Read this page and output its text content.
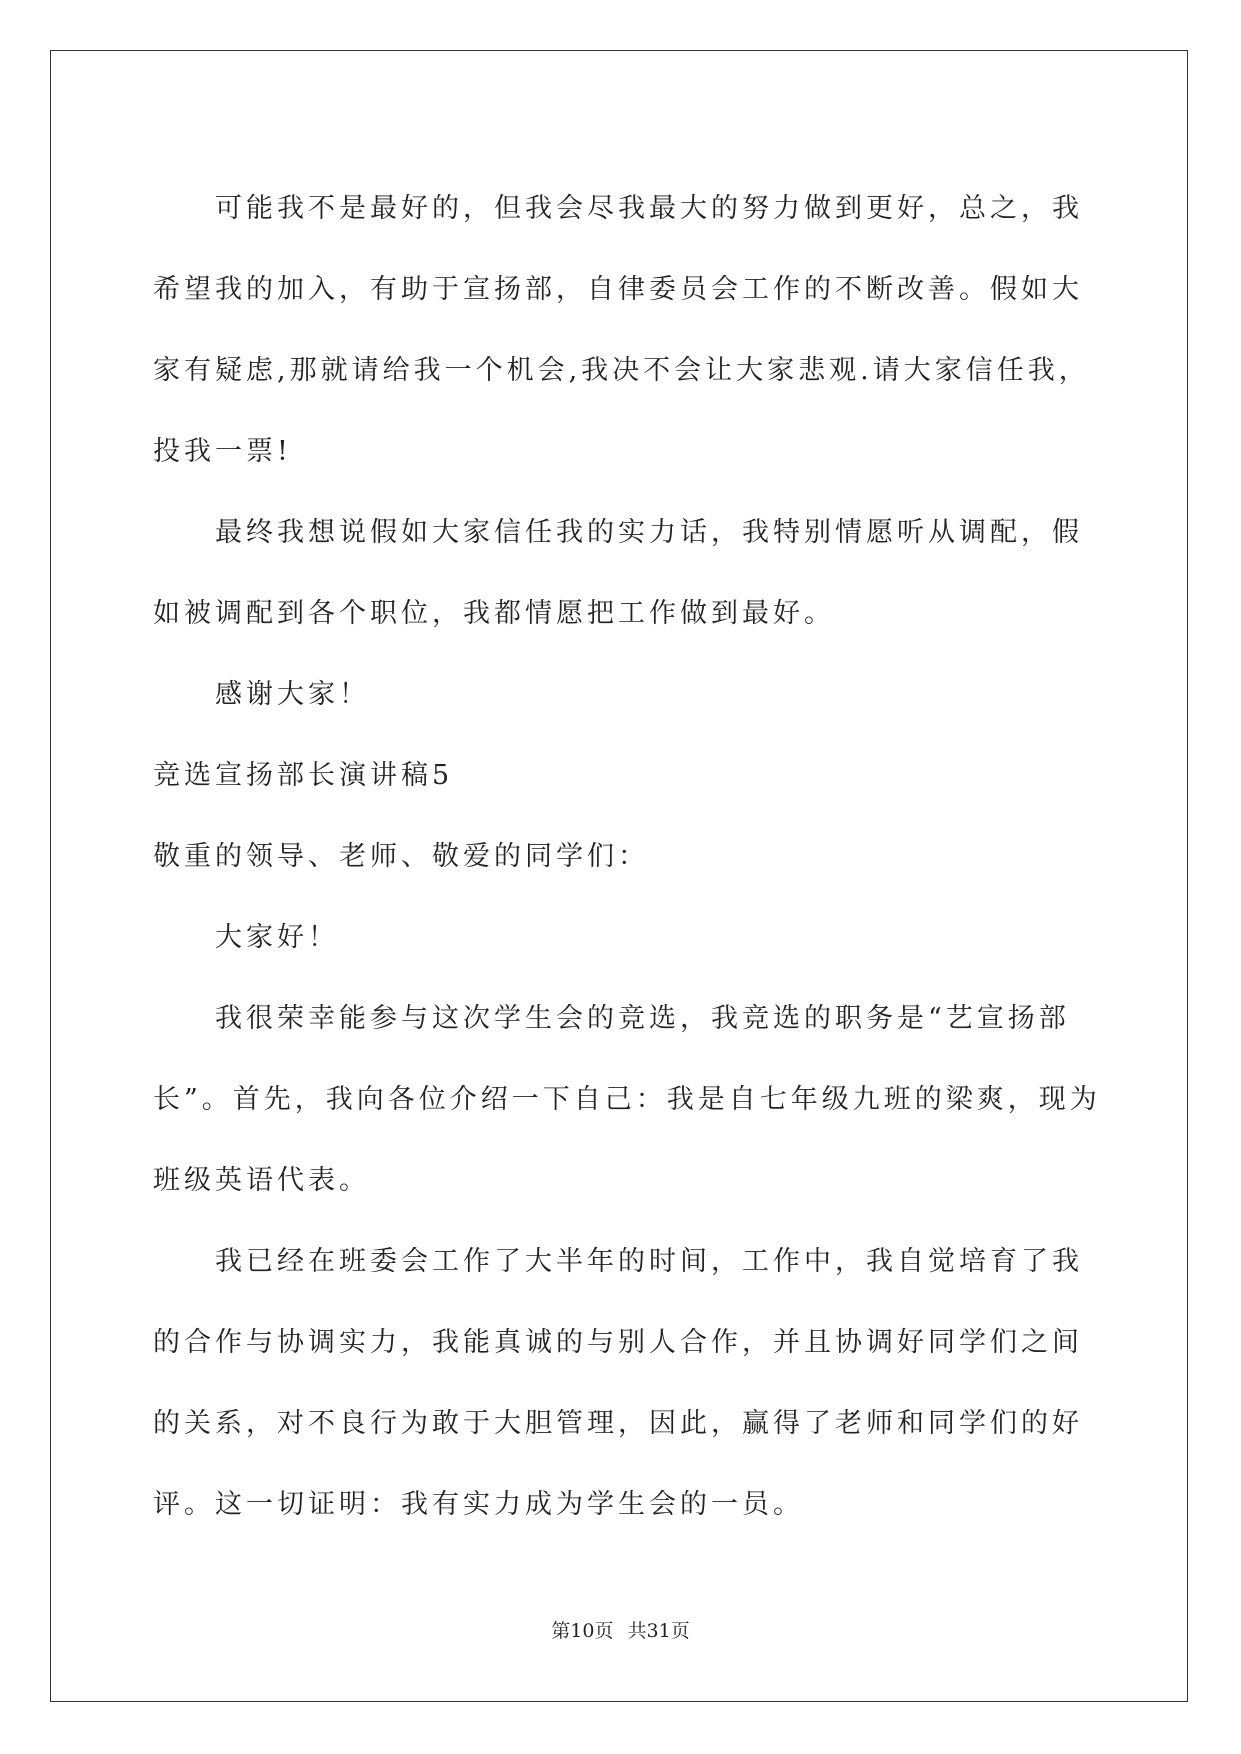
可能我不是最好的，但我会尽我最大的努力做到更好，总之，我
希望我的加入，有助于宣扬部，自律委员会工作的不断改善。假如大
家有疑虑,那就请给我一个机会,我决不会让大家悲观.请大家信任我，
投我一票!

最终我想说假如大家信任我的实力话，我特别情愿听从调配，假
如被调配到各个职位，我都情愿把工作做到最好。

感谢大家！

竞选宣扬部长演讲稿5

敬重的领导、老师、敬爱的同学们：

大家好！

我很荣幸能参与这次学生会的竞选，我竞选的职务是“艺宣扬部
长”。首先，我向各位介绍一下自己：我是自七年级九班的梁爽，现为
班级英语代表。

我已经在班委会工作了大半年的时间，工作中，我自觉培育了我
的合作与协调实力，我能真诚的与别人合作，并且协调好同学们之间
的关系，对不良行为敢于大胆管理，因此，赢得了老师和同学们的好
评。这一切证明：我有实力成为学生会的一员。

第10页 共31页
